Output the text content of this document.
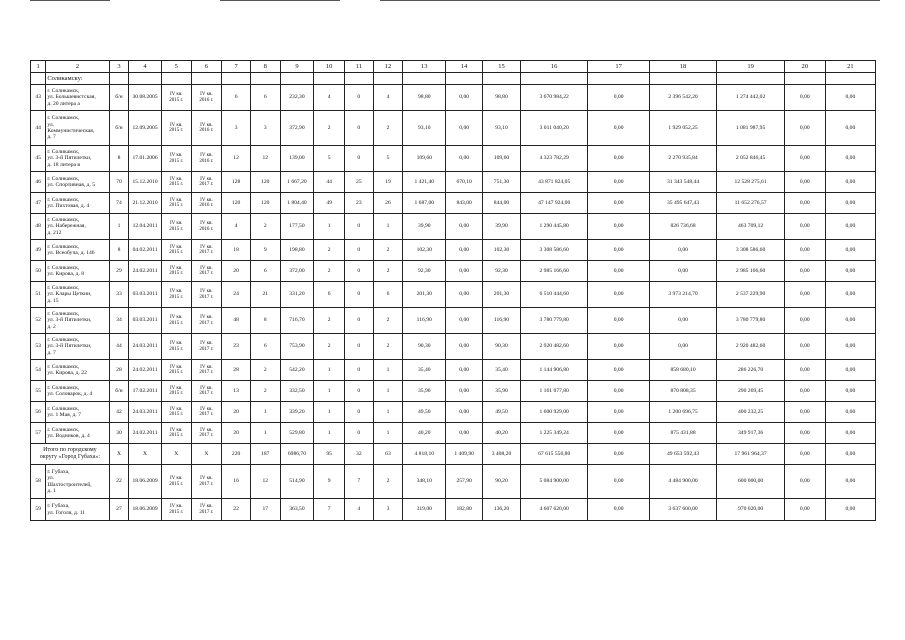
1	2	3	4	5	6	7	8	9	10	11	12	13	14	15	16	17	18	19	20	21
	Соликамску:																			
43	г. Соликамск,
ул. Большевистская,
д. 20 литера а	б/н	30.08.2005	IV кв.
2015 г.	IV кв.
2016 г.	6	6	232,30	4	0	4	98,80	0,00	98,80	3 670 984,22	0,00	2 396 542,20	1 274 442,02	0,00	0,00
44	г. Соликамск,
ул.
Коммунистическая,
д. 7	б/н	12.09.2005	IV кв.
2015 г.	IV кв.
2016 г.	3	3	372,90	2	0	2	93,10	0,00	93,10	3 011 040,20	0,00	1 929 052,25	1 081 987,95	0,00	0,00
45	г. Соликамск,
ул. 3-й Пятилетки,
д. 18 литера в	8	17.01.2006	IV кв.
2015 г.	IV кв.
2016 г.	12	12	139,00	5	0	5	109,60	0,00	109,60	4 323 782,29	0,00	2 270 935,84	2 052 846,45	0,00	0,00
46	г. Соликамск,
ул. Спортивная, д. 5	70	15.12.2010	IV кв.
2015 г.	IV кв.
2017 г.	128	120	1 667,20	44	25	19	1 421,40	670,10	751,30	43 871 824,05	0,00	31 343 548,44	12 528 275,61	0,00	0,00
47	г. Соликамск,
ул. Пихтовая, д. 4	74	21.12.2010	IV кв.
2015 г.	IV кв.
2016 г.	120	120	1 804,40	49	23	26	1 687,00	843,00	844,00	47 147 924,00	0,00	35 495 647,43	11 652 276,57	0,00	0,00
48	г. Соликамск,
ул. Набережная,
д. 212	1	12.04.2011	IV кв.
2015 г.	IV кв.
2016 г.	4	2	177,50	1	0	1	39,90	0,00	39,90	1 290 445,80	0,00	826 736,68	463 709,12	0,00	0,00
49	г. Соликамск,
ул. Всеобуча, д. 146	8	04.02.2011	IV кв.
2015 г.	IV кв.
2017 г.	18	9	198,80	2	0	2	102,30	0,00	102,30	3 308 586,60	0,00	0,00	3 308 586,60	0,00	0,00
50	г. Соликамск,
ул. Кирова, д. 8	29	24.02.2011	IV кв.
2015 г.	IV кв.
2017 г.	20	6	372,00	2	0	2	92,30	0,00	92,30	2 985 166,60	0,00	0,00	2 985 166,60	0,00	0,00
51	г. Соликамск,
ул. Клары Цеткин,
д. 15	33	03.03.2011	IV кв.
2015 г.	IV кв.
2017 г.	24	21	331,20	6	0	6	201,30	0,00	201,30	6 510 444,60	0,00	3 973 214,70	2 537 229,90	0,00	0,00
52	г. Соликамск,
ул. 3-й Пятилетки,
д. 2	34	03.03.2011	IV кв.
2015 г.	IV кв.
2017 г.	48	8	716,70	2	0	2	116,90	0,00	116,90	3 780 779,80	0,00	0,00	3 780 779,80	0,00	0,00
53	г. Соликамск,
ул. 3-й Пятилетки,
д. 7	44	24.03.2011	IV кв.
2015 г.	IV кв.
2017 г.	23	6	753,90	2	0	2	90,30	0,00	90,30	2 920 482,60	0,00	0,00	2 920 482,60	0,00	0,00
54	г. Соликамск,
ул. Кирова, д. 22	28	24.02.2011	IV кв.
2015 г.	IV кв.
2017 г.	28	2	542,20	1	0	1	35,40	0,00	35,40	1 144 906,80	0,00	858 680,10	286 226,70	0,00	0,00
55	г. Соликамск,
ул. Соловарок, д. 4	б/н	17.02.2011	IV кв.
2015 г.	IV кв.
2017 г.	13	2	332,50	1	0	1	35,90	0,00	35,90	1 161 077,80	0,00	870 808,35	290 269,45	0,00	0,00
56	г. Соликамск,
ул. 1 Мая, д. 7	42	24.03.2011	IV кв.
2015 г.	IV кв.
2017 г.	20	1	339,20	1	0	1	49,50	0,00	49,50	1 600 929,00	0,00	1 200 696,75	400 232,25	0,00	0,00
57	г. Соликамск,
ул. Водников, д. 4	30	24.02.2011	IV кв.
2015 г.	IV кв.
2017 г.	20	1	529,80	1	0	1	40,20	0,00	40,20	1 225 349,24	0,00	875 431,88	349 917,36	0,00	0,00
Итого по городскому
округу «Город Губаха»:		X	X	X	X	220	187	6986,70	95	32	63	4 818,10	1 409,90	3 408,20	67 615 556,80	0,00	49 653 592,43	17 961 964,37	0,00	0,00
58	г. Губаха,
ул.
Шахтостроителей,
д. 1	22	18.06.2009	IV кв.
2015 г.	IV кв.
2017 г.	16	12	514,90	9	7	2	348,10	257,90	90,20	5 084 900,00	0,00	4 484 900,00	600 000,00	0,00	0,00
59	г. Губаха,
ул. Гоголя, д. 11	27	18.06.2009	IV кв.
2015 г.	IV кв.
2017 г.	22	17	363,50	7	4	3	319,00	182,80	136,20	4 607 620,00	0,00	3 637 600,00	970 020,00	0,00	0,00
